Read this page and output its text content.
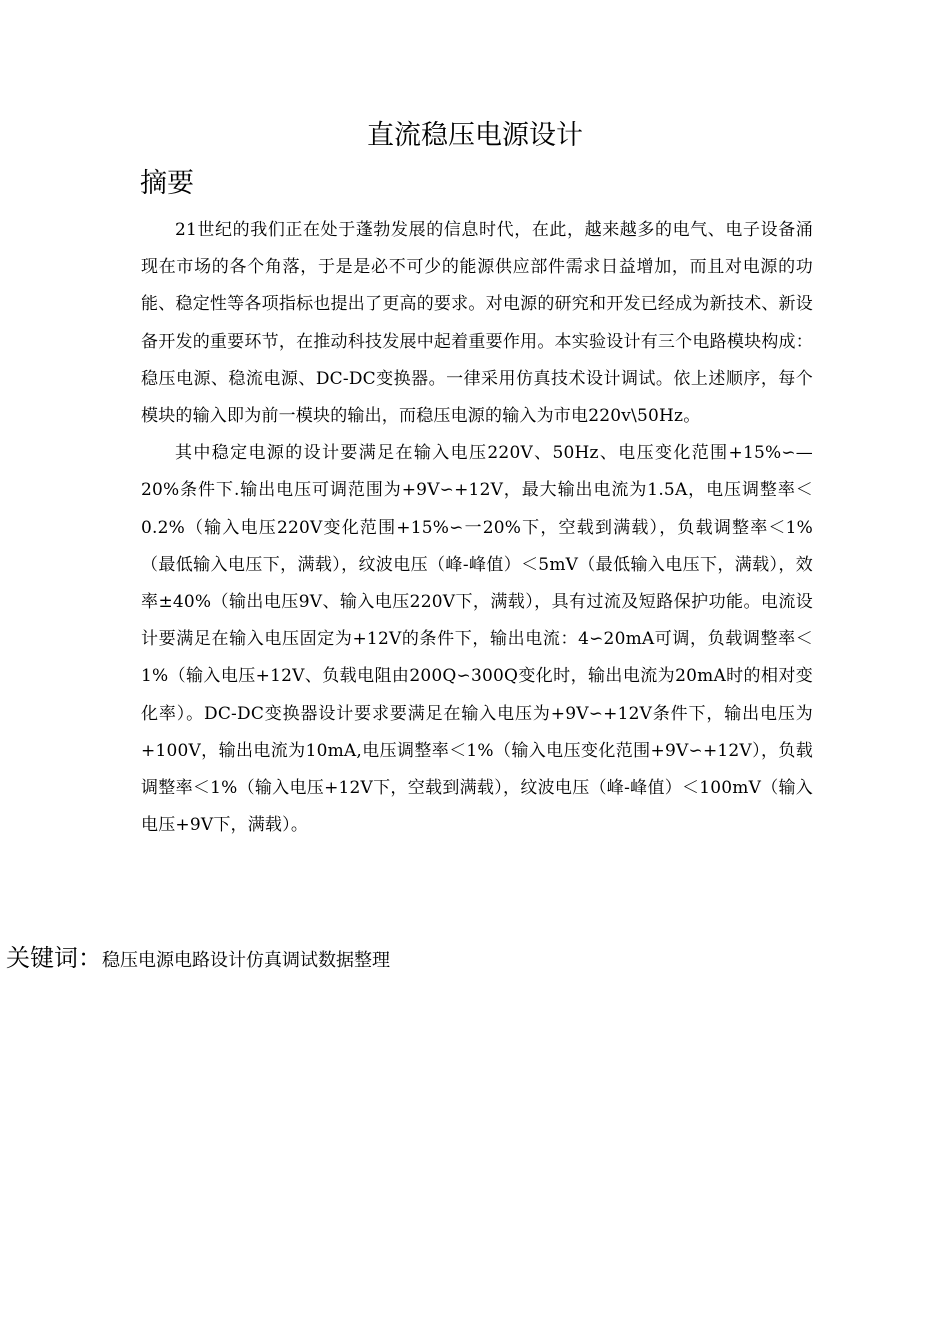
直流稳压电源设计
摘要

21世纪的我们正在处于蓬勃发展的信息时代，在此，越来越多的电气、电子设备涌现在市场的各个角落，于是是必不可少的能源供应部件需求日益增加，而且对电源的功能、稳定性等各项指标也提出了更高的要求。对电源的研究和开发已经成为新技术、新设备开发的重要环节，在推动科技发展中起着重要作用。本实验设计有三个电路模块构成：稳压电源、稳流电源、DC-DC变换器。一律采用仿真技术设计调试。依上述顺序，每个模块的输入即为前一模块的输出，而稳压电源的输入为市电220v\50Hz。

其中稳定电源的设计要满足在输入电压220V、50Hz、电压变化范围+15%∽—20%条件下.输出电压可调范围为+9V∽+12V，最大输出电流为1.5A，电压调整率＜0.2%（输入电压220V变化范围+15%∽一20%下，空载到满载），负载调整率＜1%（最低输入电压下，满载），纹波电压（峰-峰值）＜5mV（最低输入电压下，满载），效率±40%（输出电压9V、输入电压220V下，满载），具有过流及短路保护功能。电流设计要满足在输入电压固定为+12V的条件下，输出电流：4∽20mA可调，负载调整率＜1%（输入电压+12V、负载电阻由200Q∽300Q变化时，输出电流为20mA时的相对变化率）。DC-DC变换器设计要求要满足在输入电压为+9V∽+12V条件下，输出电压为+100V，输出电流为10mA,电压调整率＜1%（输入电压变化范围+9V∽+12V），负载调整率＜1%（输入电压+12V下，空载到满载），纹波电压（峰-峰值）＜100mV（输入电压+9V下，满载）。

关键词：稳压电源电路设计仿真调试数据整理
